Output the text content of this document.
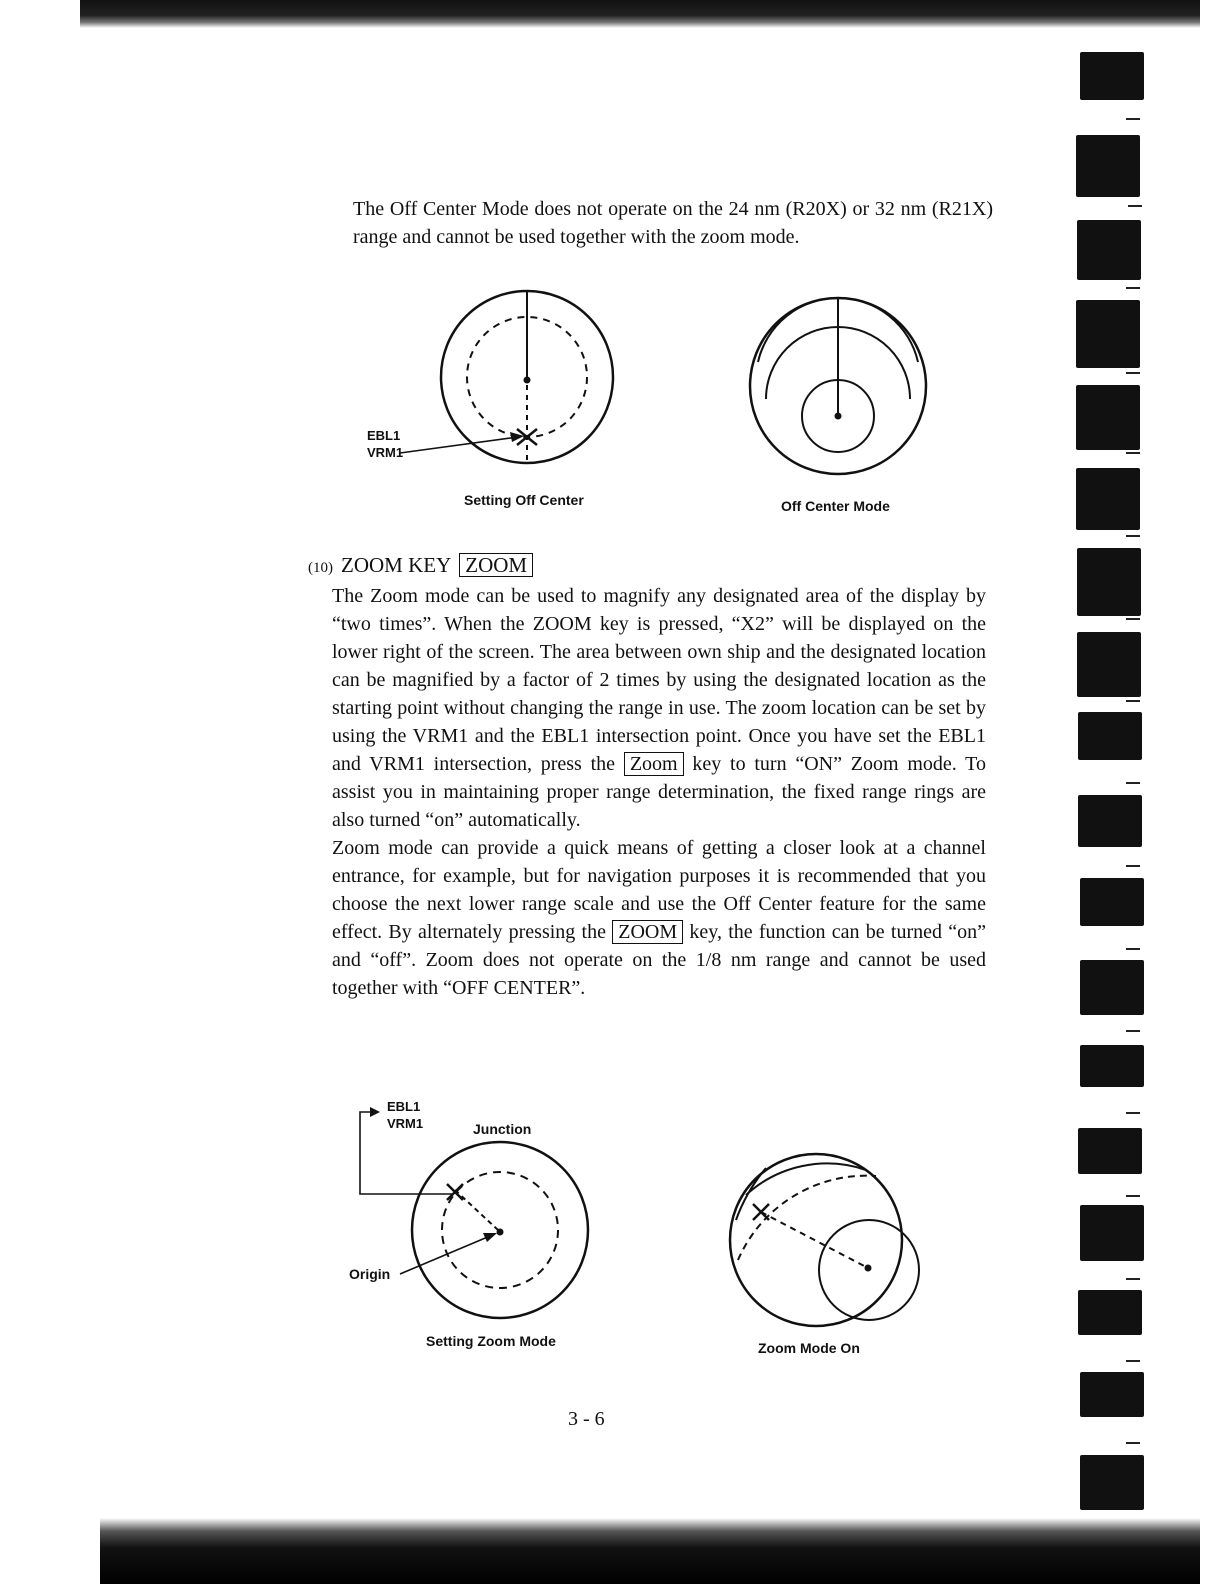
The Off Center Mode does not operate on the 24 nm (R20X) or 32 nm (R21X) range and cannot be used together with the zoom mode.

EBL1
VRM1
Setting Off Center	Off Center Mode
(10) ZOOM KEY ZOOM

The Zoom mode can be used to magnify any designated area of the display by “two times”. When the ZOOM key is pressed, “X2” will be displayed on the lower right of the screen. The area between own ship and the designated location can be magnified by a factor of 2 times by using the designated location as the starting point without changing the range in use. The zoom location can be set by using the VRM1 and the EBL1 intersection point. Once you have set the EBL1 and VRM1 intersection, press the Zoom key to turn “ON” Zoom mode. To assist you in maintaining proper range determination, the fixed range rings are also turned “on” automatically.

Zoom mode can provide a quick means of getting a closer look at a channel entrance, for example, but for navigation purposes it is recommended that you choose the next lower range scale and use the Off Center feature for the same effect. By alternately pressing the ZOOM key, the function can be turned “on” and “off”. Zoom does not operate on the 1/8 nm range and cannot be used together with “OFF CENTER”.

EBL1
VRM1	Junction
Origin
Setting Zoom Mode	Zoom Mode On
3 - 6
